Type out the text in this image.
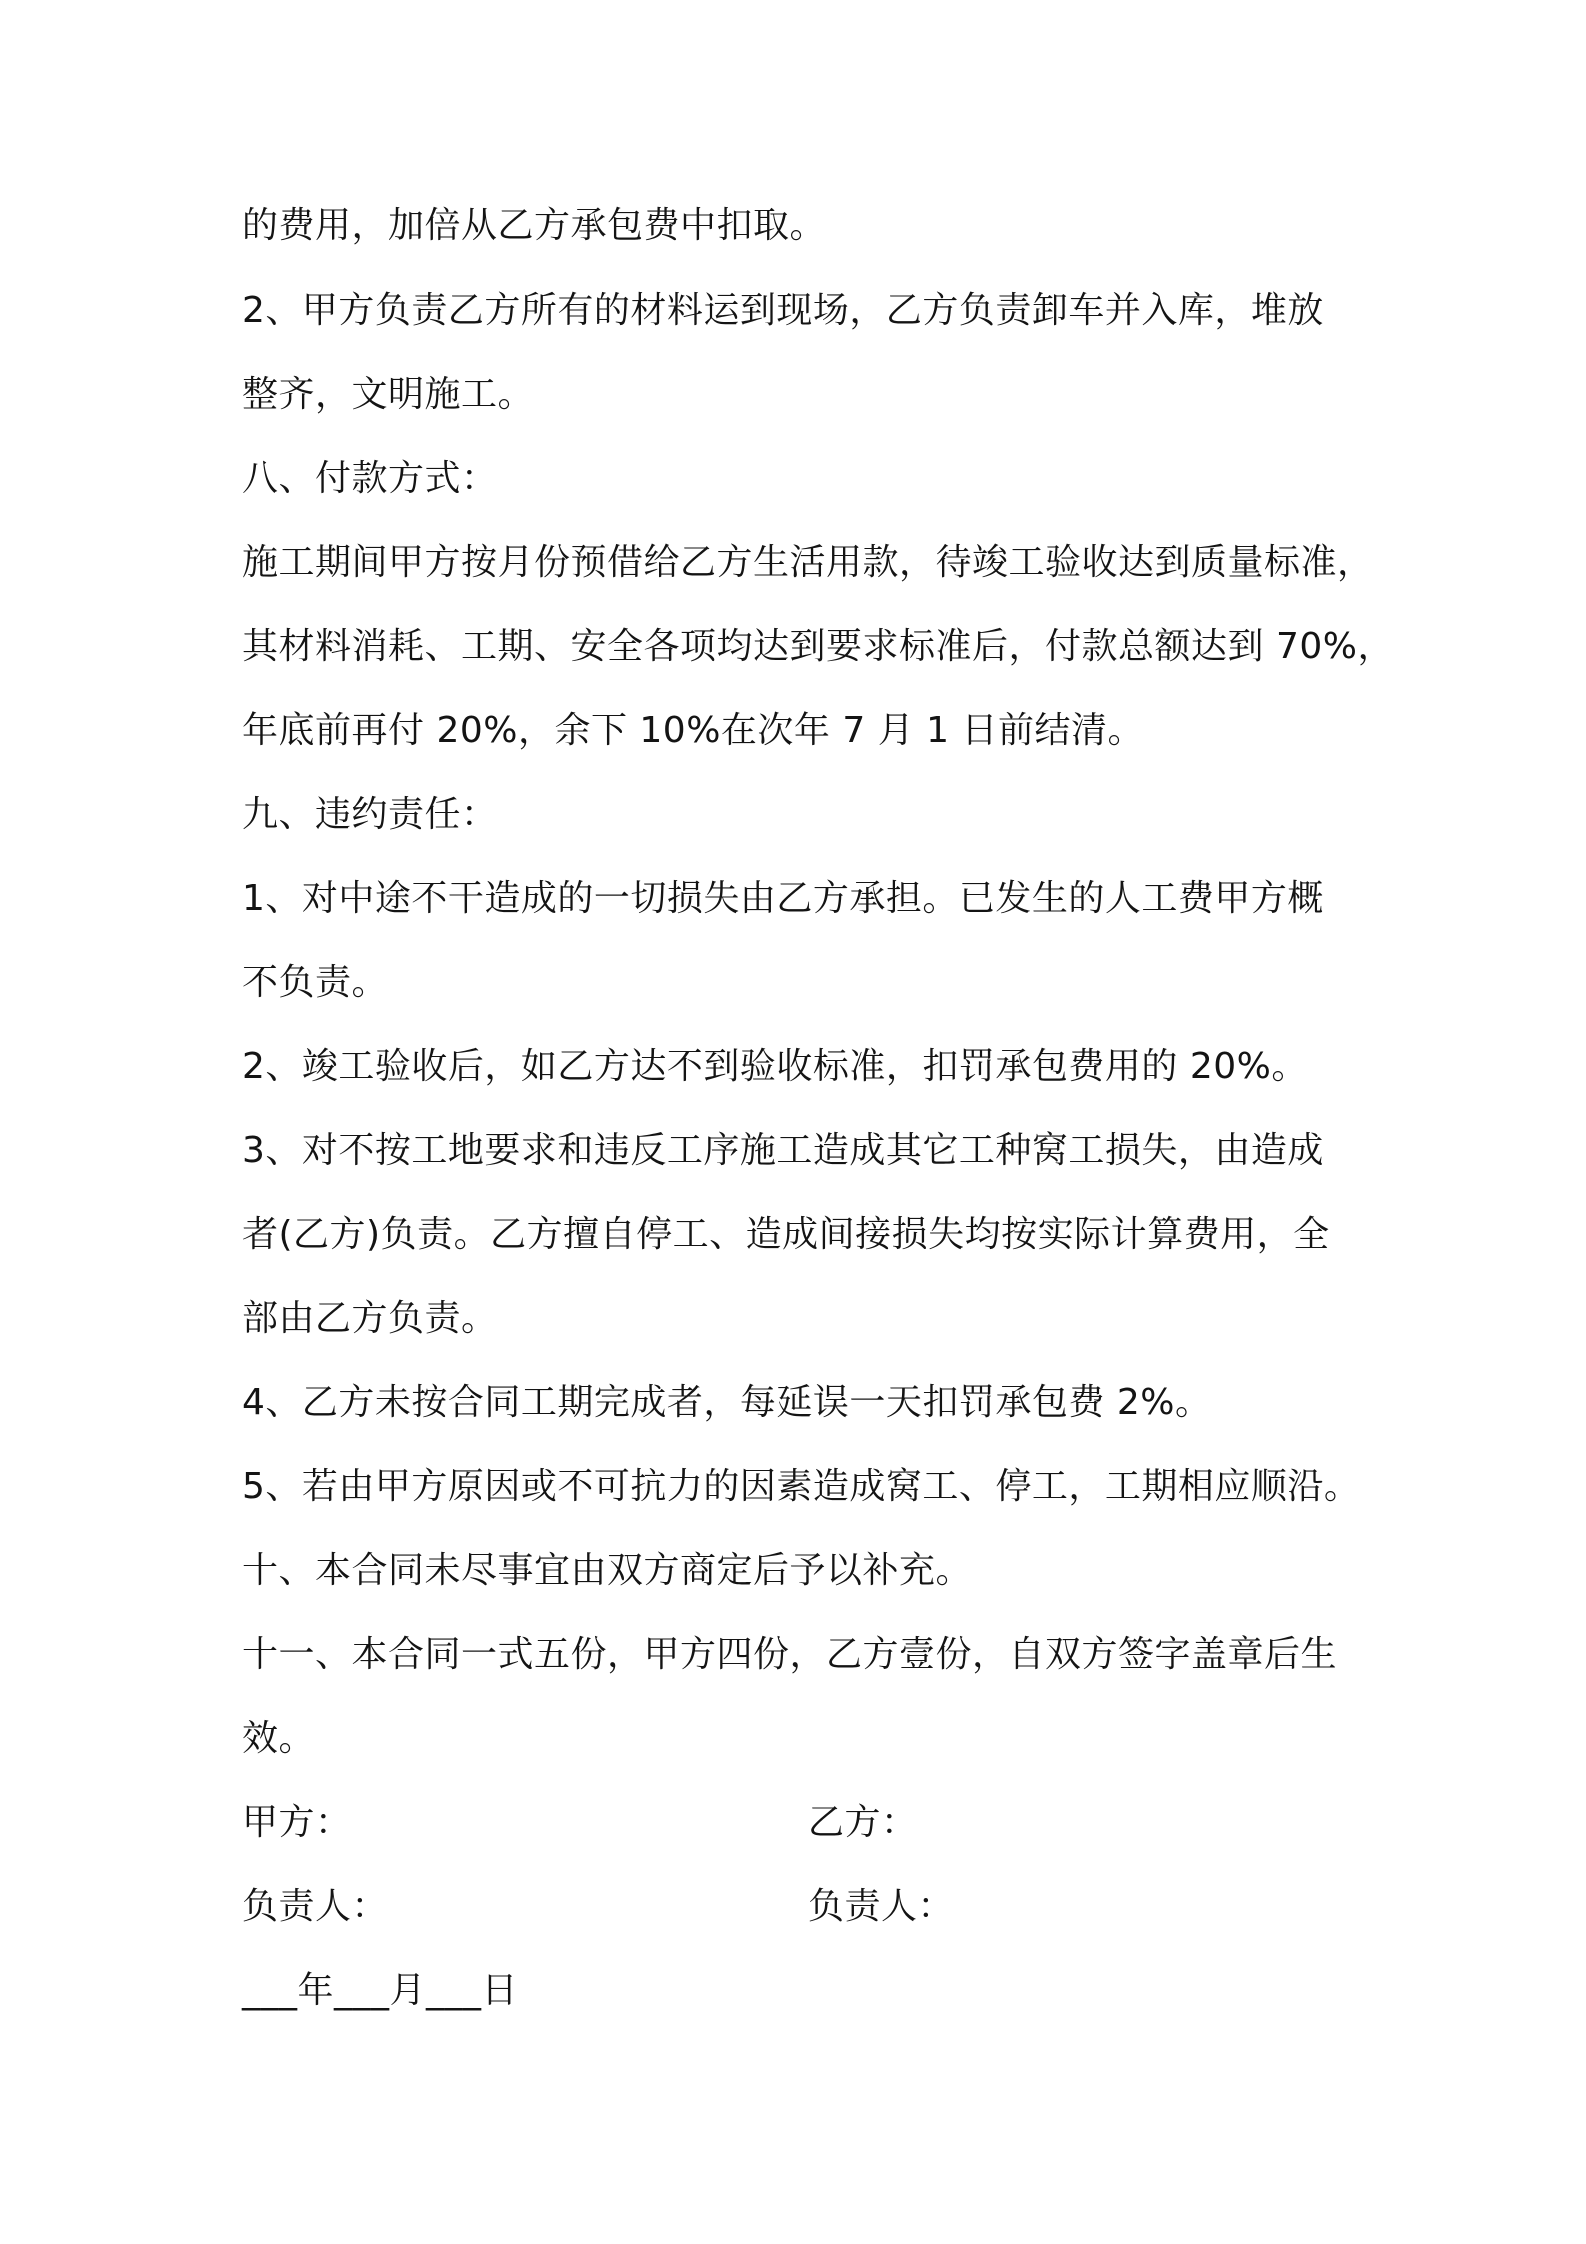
的费用，加倍从乙方承包费中扣取。
2、甲方负责乙方所有的材料运到现场，乙方负责卸车并入库，堆放
整齐，文明施工。
八、付款方式：
施工期间甲方按月份预借给乙方生活用款，待竣工验收达到质量标准，
其材料消耗、工期、安全各项均达到要求标准后，付款总额达到 70%，
年底前再付 20%，余下 10%在次年 7 月 1 日前结清。
九、违约责任：
1、对中途不干造成的一切损失由乙方承担。已发生的人工费甲方概
不负责。
2、竣工验收后，如乙方达不到验收标准，扣罚承包费用的 20%。
3、对不按工地要求和违反工序施工造成其它工种窝工损失，由造成
者(乙方)负责。乙方擅自停工、造成间接损失均按实际计算费用，全
部由乙方负责。
4、乙方未按合同工期完成者，每延误一天扣罚承包费 2%。
5、若由甲方原因或不可抗力的因素造成窝工、停工，工期相应顺沿。
十、本合同未尽事宜由双方商定后予以补充。
十一、本合同一式五份，甲方四份，乙方壹份，自双方签字盖章后生
效。
甲方：	乙方：
负责人：	负责人：
___年___月___日
